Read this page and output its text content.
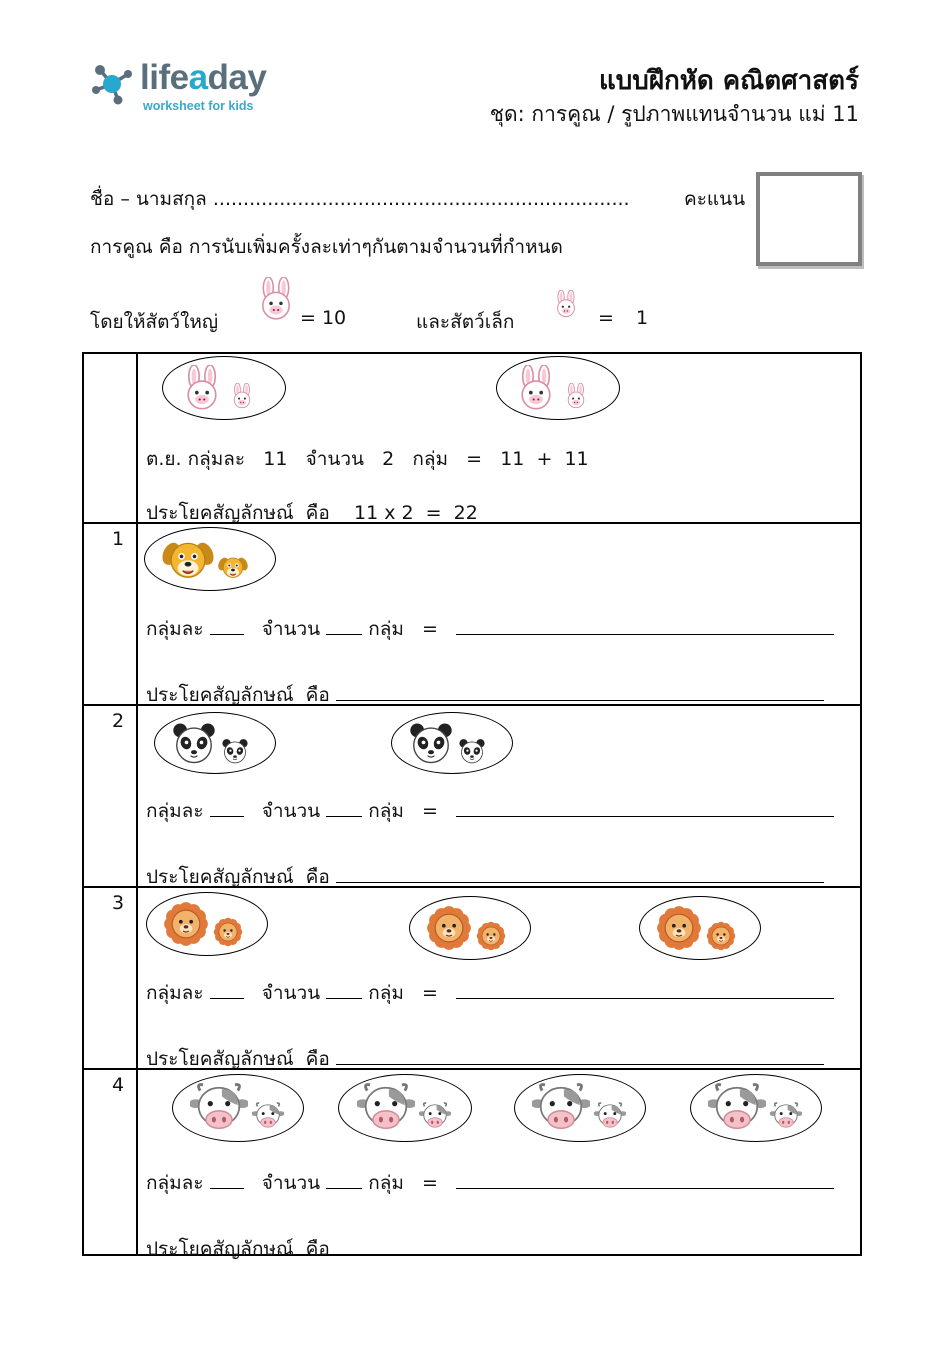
lifeaday
worksheet for kids
แบบฝึกหัด คณิตศาสตร์
ชุด: การคูณ / รูปภาพแทนจำนวน แม่ 11
ชื่อ – นามสกุล .....................................................................	คะแนน
การคูณ คือ การนับเพิ่มครั้งละเท่าๆกันตามจำนวนที่กำหนด
โดยให้สัตว์ใหญ่	= 10	และสัตว์เล็ก	= 1
ต.ย. กลุ่มละ 11 จำนวน 2 กลุ่ม = 11  +  11
ประโยคสัญลักษณ์  คือ 11 x 2  =  22
1
กลุ่มละ	จำนวน	กลุ่ม =
ประโยคสัญลักษณ์  คือ
2
กลุ่มละ	จำนวน	กลุ่ม =
ประโยคสัญลักษณ์  คือ
3
กลุ่มละ	จำนวน	กลุ่ม =
ประโยคสัญลักษณ์  คือ
4
กลุ่มละ	จำนวน	กลุ่ม =
ประโยคสัญลักษณ์  คือ
